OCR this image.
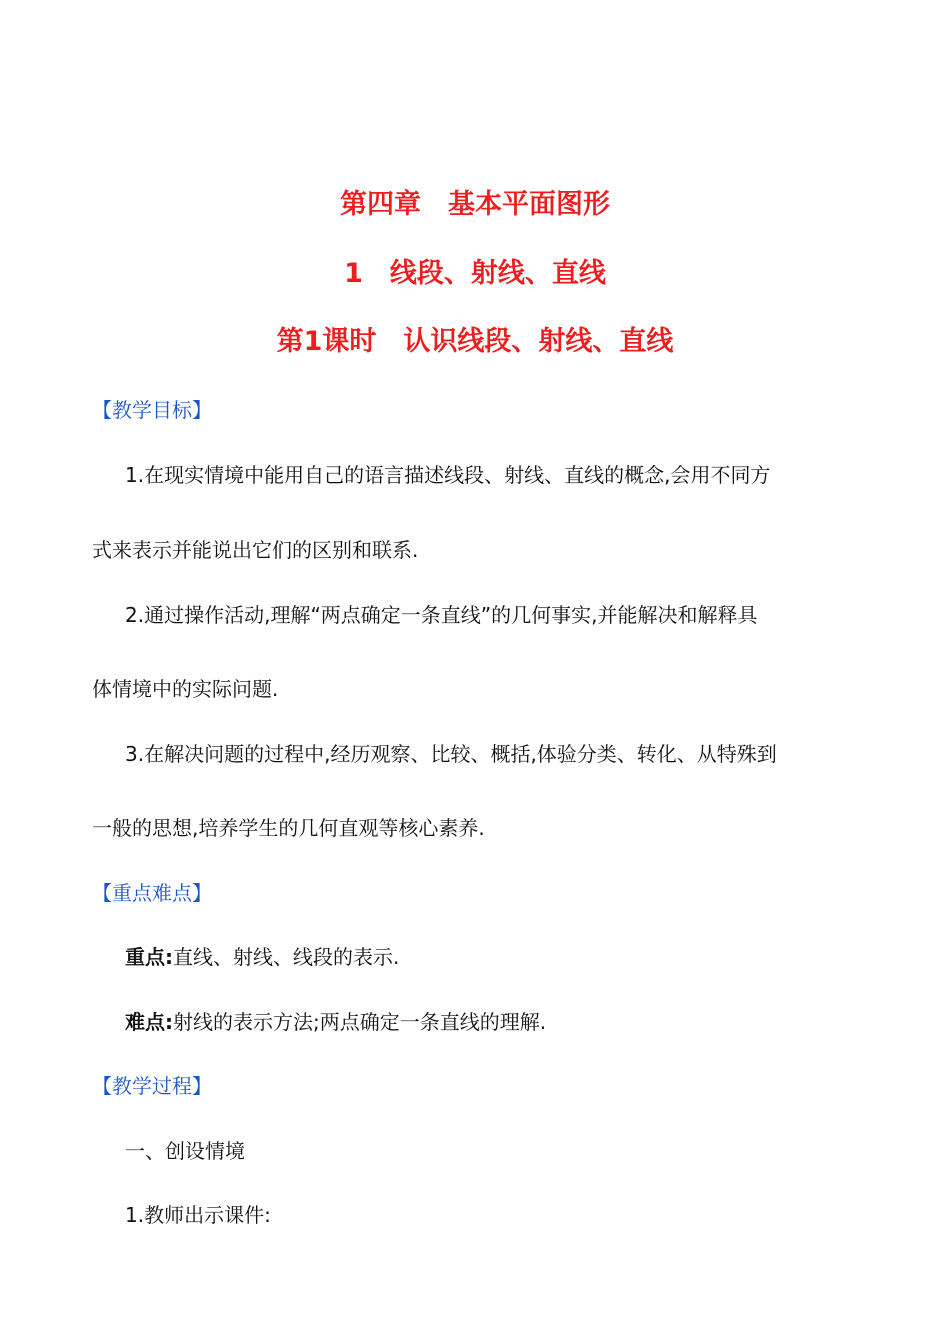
第四章　基本平面图形
1　线段、射线、直线
第1课时　认识线段、射线、直线
【教学目标】
1.在现实情境中能用自己的语言描述线段、射线、直线的概念,会用不同方
式来表示并能说出它们的区别和联系.
2.通过操作活动,理解“两点确定一条直线”的几何事实,并能解决和解释具
体情境中的实际问题.
3.在解决问题的过程中,经历观察、比较、概括,体验分类、转化、从特殊到
一般的思想,培养学生的几何直观等核心素养.
【重点难点】
重点:直线、射线、线段的表示.
难点:射线的表示方法;两点确定一条直线的理解.
【教学过程】
一、创设情境
1.教师出示课件:
